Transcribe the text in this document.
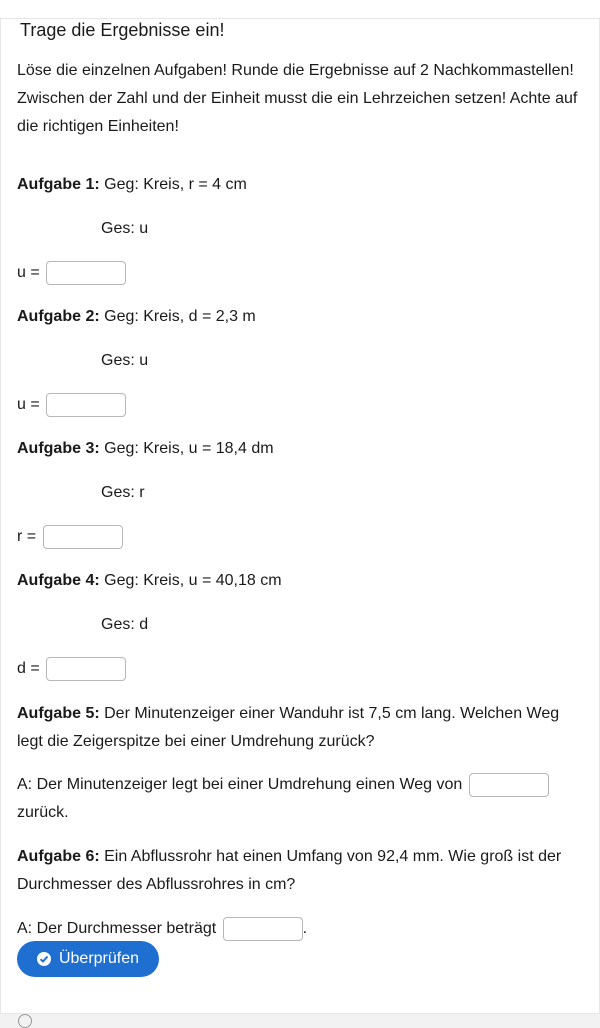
Trage die Ergebnisse ein!
Löse die einzelnen Aufgaben! Runde die Ergebnisse auf 2 Nachkommastellen! Zwischen der Zahl und der Einheit musst die ein Lehrzeichen setzen! Achte auf die richtigen Einheiten!
Aufgabe 1: Geg: Kreis, r = 4 cm
Ges: u
u =
Aufgabe 2: Geg: Kreis, d = 2,3 m
Ges: u
u =
Aufgabe 3: Geg: Kreis, u = 18,4 dm
Ges: r
r =
Aufgabe 4: Geg: Kreis, u = 40,18 cm
Ges: d
d =
Aufgabe 5: Der Minutenzeiger einer Wanduhr ist 7,5 cm lang. Welchen Weg legt die Zeigerspitze bei einer Umdrehung zurück?
A: Der Minutenzeiger legt bei einer Umdrehung einen Weg von
zurück.
Aufgabe 6: Ein Abflussrohr hat einen Umfang von 92,4 mm. Wie groß ist der Durchmesser des Abflussrohres in cm?
A: Der Durchmesser beträgt	.
Überprüfen
